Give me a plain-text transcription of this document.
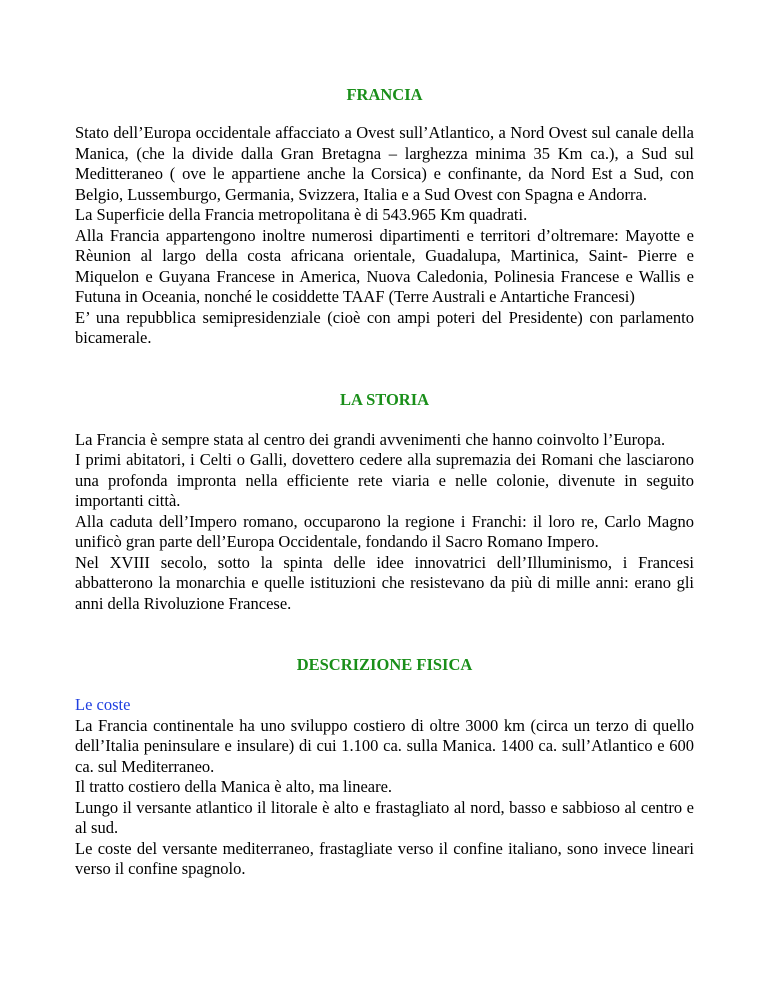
FRANCIA

Stato dell’Europa occidentale affacciato a Ovest sull’Atlantico, a Nord Ovest sul canale della Manica, (che la divide dalla Gran Bretagna – larghezza minima 35 Km ca.), a Sud sul Meditteraneo ( ove le appartiene anche la Corsica) e confinante, da Nord Est a Sud, con Belgio, Lussemburgo, Germania, Svizzera, Italia e a Sud Ovest con Spagna e Andorra.

La Superficie della Francia metropolitana è di 543.965 Km quadrati.

Alla Francia appartengono inoltre numerosi dipartimenti e territori d’oltremare: Mayotte e Rèunion al largo della costa africana orientale, Guadalupa, Martinica, Saint- Pierre e Miquelon e Guyana Francese in America, Nuova Caledonia, Polinesia Francese e Wallis e Futuna in Oceania, nonché le cosiddette TAAF (Terre Australi e Antartiche Francesi)

E’ una repubblica semipresidenziale (cioè con ampi poteri del Presidente) con parlamento bicamerale.

LA STORIA

La Francia è sempre stata al centro dei grandi avvenimenti che hanno coinvolto l’Europa.

I primi abitatori, i Celti o Galli, dovettero cedere alla supremazia dei Romani che lasciarono una profonda impronta nella efficiente rete viaria e nelle colonie, divenute in seguito importanti città.

Alla caduta dell’Impero romano, occuparono la regione i Franchi: il loro re, Carlo Magno unificò gran parte dell’Europa Occidentale, fondando il Sacro Romano Impero.

Nel XVIII secolo, sotto la spinta delle idee innovatrici dell’Illuminismo, i Francesi abbatterono la monarchia e quelle istituzioni che resistevano da più di mille anni: erano gli anni della Rivoluzione Francese.

DESCRIZIONE FISICA

Le coste

La Francia continentale ha uno sviluppo costiero di oltre 3000 km (circa un terzo di quello dell’Italia peninsulare e insulare) di cui 1.100 ca. sulla Manica. 1400 ca. sull’Atlantico e 600 ca. sul Mediterraneo.

Il tratto costiero della Manica è alto, ma lineare.

Lungo il versante atlantico il litorale è alto e frastagliato al nord, basso e sabbioso al centro e al sud.

Le coste del versante mediterraneo, frastagliate verso il confine italiano, sono invece lineari verso il confine spagnolo.
